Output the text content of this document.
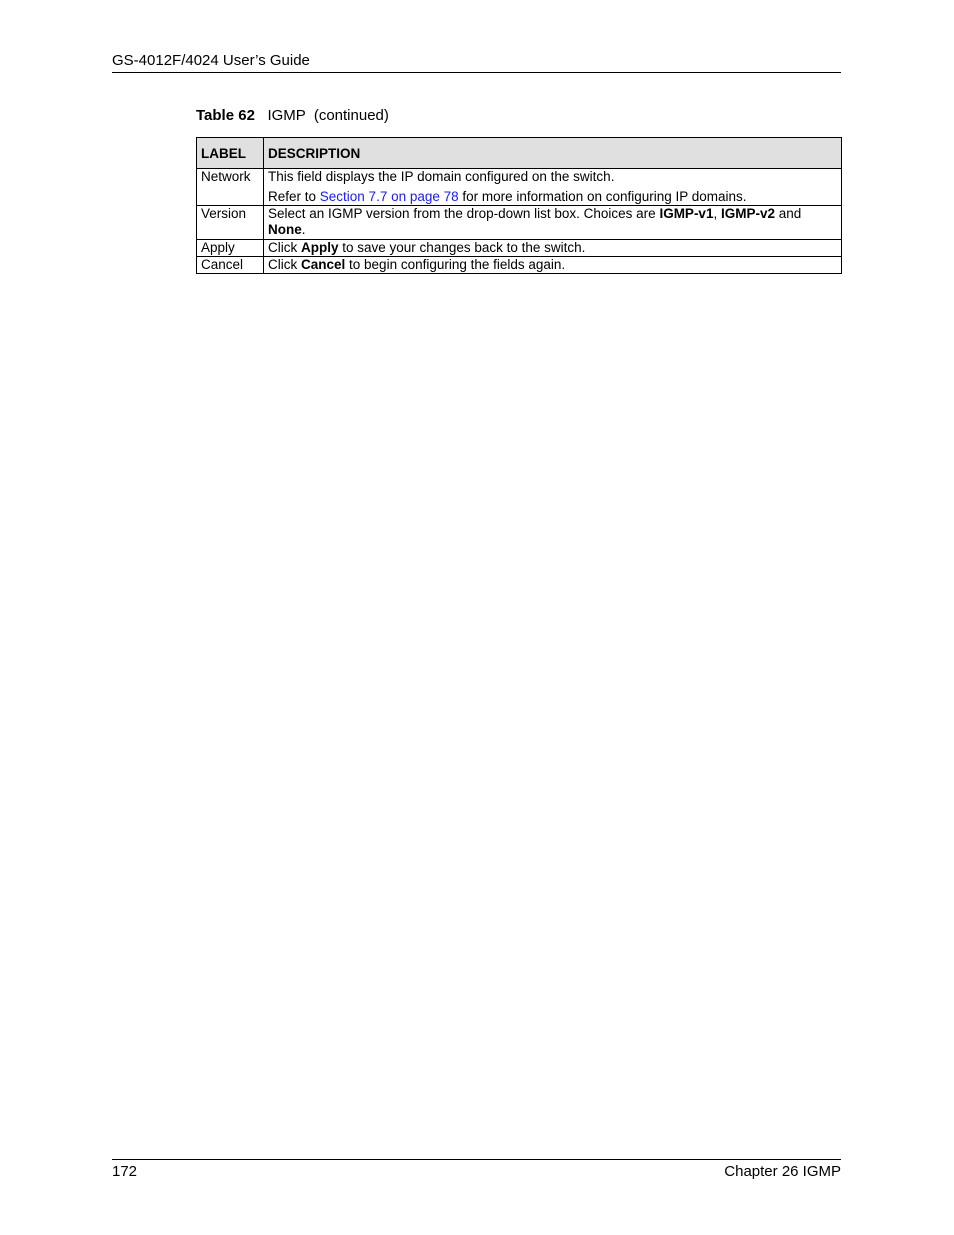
GS-4012F/4024 User’s Guide
Table 62 IGMP  (continued)
LABEL	DESCRIPTION
Network	This field displays the IP domain configured on the switch.
Refer to Section 7.7 on page 78 for more information on configuring IP domains.

Version	Select an IGMP version from the drop-down list box. Choices are IGMP-v1, IGMP-v2 and None.

Apply	Click Apply to save your changes back to the switch.

Cancel	Click Cancel to begin configuring the fields again.
172	Chapter 26 IGMP
